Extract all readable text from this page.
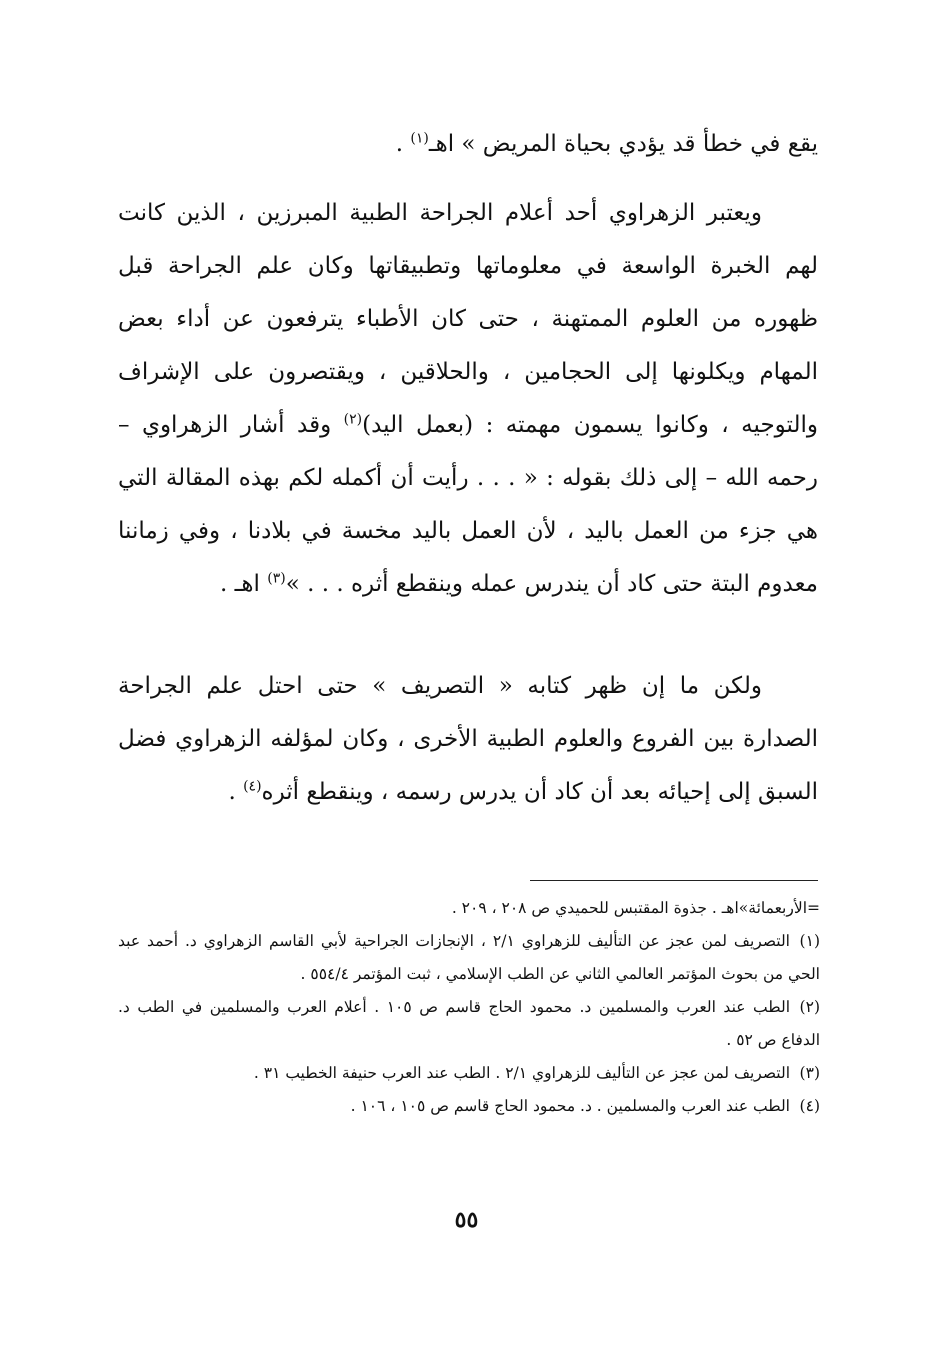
يقع في خطأ قد يؤدي بحياة المريض » اهـ$^{(١)}$ .

ويعتبر الزهراوي أحد أعلام الجراحة الطبية المبرزين ، الذين كانت لهم الخبرة الواسعة في معلوماتها وتطبيقاتها وكان علم الجراحة قبل ظهوره من العلوم الممتهنة ، حتى كان الأطباء يترفعون عن أداء بعض المهام ويكلونها إلى الحجامين ، والحلاقين ، ويقتصرون على الإشراف والتوجيه ، وكانوا يسمون مهمته : (بعمل اليد)$^{(٢)}$ وقد أشار الزهراوي – رحمه الله – إلى ذلك بقوله : « . . . رأيت أن أكمله لكم بهذه المقالة التي هي جزء من العمل باليد ، لأن العمل باليد مخسة في بلادنا ، وفي زماننا معدوم البتة حتى كاد أن يندرس عمله وينقطع أثره . . . »$^{(٣)}$ اهـ .

ولكن ما إن ظهر كتابه « التصريف » حتى احتل علم الجراحة الصدارة بين الفروع والعلوم الطبية الأخرى ، وكان لمؤلفه الزهراوي فضل السبق إلى إحيائه بعد أن كاد أن يدرس رسمه ، وينقطع أثره$^{(٤)}$ .

=الأربعمائة»اهـ . جذوة المقتبس للحميدي ص ٢٠٨ ، ٢٠٩ .

(١)التصريف لمن عجز عن التأليف للزهراوي ٢/١ ، الإنجازات الجراحية لأبي القاسم الزهراوي د. أحمد عبد الحي من بحوث المؤتمر العالمي الثاني عن الطب الإسلامي ، ثبت المؤتمر ٥٥٤/٤ .

(٢)الطب عند العرب والمسلمين د. محمود الحاج قاسم ص ١٠٥ . أعلام العرب والمسلمين في الطب د. الدفاع ص ٥٢ .

(٣)التصريف لمن عجز عن التأليف للزهراوي ٢/١ . الطب عند العرب حنيفة الخطيب ٣١ .

(٤)الطب عند العرب والمسلمين . د. محمود الحاج قاسم ص ١٠٥ ، ١٠٦ .

٥٥
